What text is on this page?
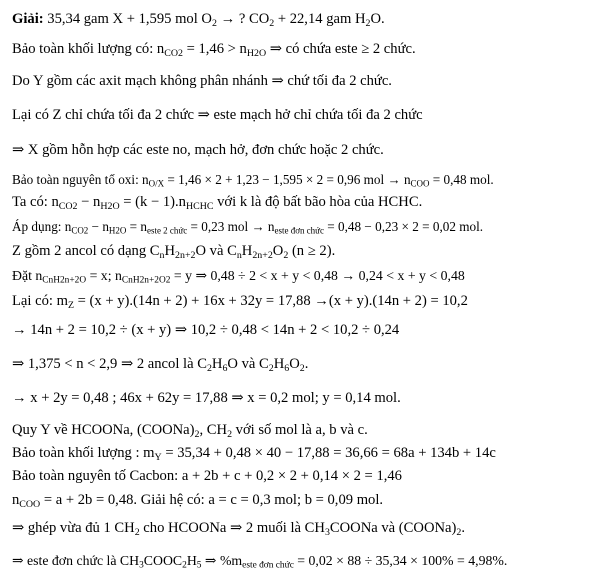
Giải: 35,34 gam X + 1,595 mol $O_2$ → ? $CO_2 + 22,14$ gam $H_2O$.
Bảo toàn khối lượng có: $n_{CO2} = 1,46 > n_{H2O}$ ⇒ có chứa este ≥ 2 chức.
Do Y gồm các axit mạch không phân nhánh ⇒ chứ tối đa 2 chức.
Lại có Z chỉ chứa tối đa 2 chức ⇒ este mạch hở chỉ chứa tối đa 2 chức
⇒ X gồm hỗn hợp các este no, mạch hở, đơn chức hoặc 2 chức.
Bảo toàn nguyên tố oxi: $n_{O/X} = 1,46 \times 2 + 1,23 - 1,595 \times 2 = 0,96$ mol → $n_{COO} = 0,48$ mol.
Ta có: $n_{CO2} - n_{H2O} = (k - 1).n_{HCHC}$ với k là độ bất bão hòa của HCHC.
Áp dụng: $n_{CO2} - n_{H2O} = n_{este 2 chức} = 0,23$ mol → $n_{este đơn chức} = 0,48 - 0,23 \times 2 = 0,02$ mol.
Z gồm 2 ancol có dạng $C_nH_{2n+2}O$ và $C_nH_{2n+2}O_2$ (n ≥ 2).
Đặt $n_{CnH2n+2O} = x$; $n_{CnH2n+2O2} = y$ ⇒ 0,48 ÷ 2 < x + y < 0,48 → 0,24 < x + y < 0,48
Lại có: $m_Z = (x + y).(14n + 2) + 16x + 32y = 17,88 \to(x + y).(14n + 2) = 10,2$
→ 14n + 2 = 10,2 ÷ (x + y) ⇒ 10,2 ÷ 0,48 < 14n + 2 < 10,2 ÷ 0,24
⇒ 1,375 < n < 2,9 ⇒ 2 ancol là $C_2H_6O$ và $C_2H_6O_2$.
→ x + 2y = 0,48 ; 46x + 62y = 17,88 ⇒ x = 0,2 mol; y = 0,14 mol.
Quy Y về HCOONa, $(COONa)_2$, $CH_2$ với số mol là a, b và c.
Bảo toàn khối lượng : $m_Y = 35,34 + 0,48 \times 40 - 17,88 = 36,66 = 68a + 134b + 14c$
Bảo toàn nguyên tố Cacbon: a + 2b + c + 0,2 × 2 + 0,14 × 2 = 1,46
$n_{COO} = a + 2b = 0,48$. Giải hệ có: a = c = 0,3 mol; b = 0,09 mol.
⇒ ghép vừa đủ 1 $CH_2$ cho HCOONa ⇒ 2 muối là $CH_3COONa$ và $(COONa)_2$.
⇒ este đơn chức là $CH_3COOC_2H_5$ ⇒ $\%m_{este đơn chức} = 0,02 \times 88 \div 35,34 \times 100\% = 4,98\%$.
